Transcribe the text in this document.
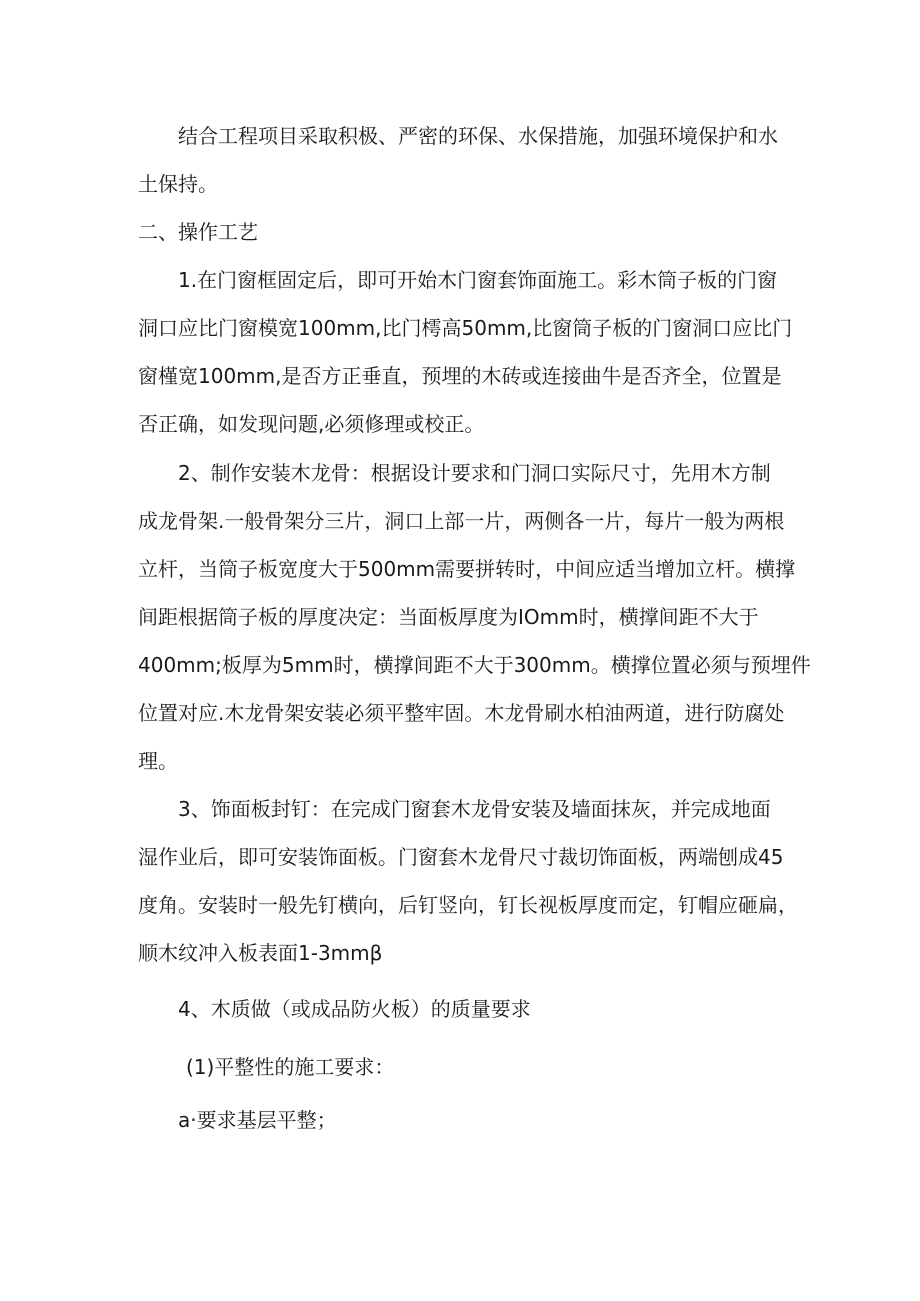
结合工程项目采取积极、严密的环保、水保措施，加强环境保护和水
土保持。
二、操作工艺
1.在门窗框固定后，即可开始木门窗套饰面施工。彩木筒子板的门窗
洞口应比门窗模宽100mm,比门樗高50mm,比窗筒子板的门窗洞口应比门
窗槿宽100mm,是否方正垂直，预埋的木砖或连接曲牛是否齐全，位置是
否正确，如发现问题,必须修理或校正。
2、制作安装木龙骨：根据设计要求和门洞口实际尺寸，先用木方制
成龙骨架.一般骨架分三片，洞口上部一片，两侧各一片，每片一般为两根
立杆，当筒子板宽度大于500mm需要拼转时，中间应适当增加立杆。横撑
间距根据筒子板的厚度决定：当面板厚度为IOmm时，横撑间距不大于
400mm;板厚为5mm时，横撑间距不大于300mm。横撑位置必须与预埋件
位置对应.木龙骨架安装必须平整牢固。木龙骨刷水柏油两道，进行防腐处
理。
3、饰面板封钉：在完成门窗套木龙骨安装及墙面抹灰，并完成地面
湿作业后，即可安装饰面板。门窗套木龙骨尺寸裁切饰面板，两端刨成45
度角。安装时一般先钉横向，后钉竖向，钉长视板厚度而定，钉帽应砸扁，
顺木纹冲入板表面1-3mmβ
4、木质做（或成品防火板）的质量要求
(1)平整性的施工要求：
a·要求基层平整；
